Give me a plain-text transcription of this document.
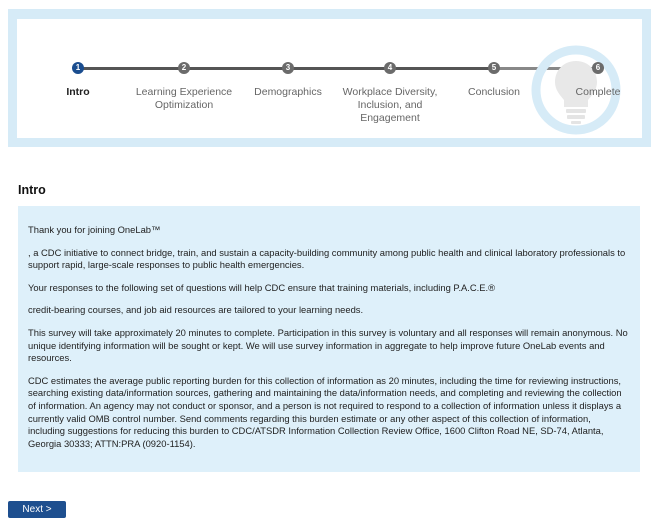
1	2	3	4	5	6
Intro	Learning Experience Optimization
Demographics	Workplace Diversity, Inclusion, and Engagement
Conclusion	Complete
Intro

Thank you for joining OneLab™

, a CDC initiative to connect bridge, train, and sustain a capacity-building community among public health and clinical laboratory professionals to support rapid, large-scale responses to public health emergencies.

Your responses to the following set of questions will help CDC ensure that training materials, including P.A.C.E.®

credit-bearing courses, and job aid resources are tailored to your learning needs.

This survey will take approximately 20 minutes to complete. Participation in this survey is voluntary and all responses will remain anonymous. No unique identifying information will be sought or kept. We will use survey information in aggregate to help improve future OneLab events and resources.

CDC estimates the average public reporting burden for this collection of information as 20 minutes, including the time for reviewing instructions, searching existing data/information sources, gathering and maintaining the data/information needs, and completing and reviewing the collection of information. An agency may not conduct or sponsor, and a person is not required to respond to a collection of information unless it displays a currently valid OMB control number. Send comments regarding this burden estimate or any other aspect of this collection of information, including suggestions for reducing this burden to CDC/ATSDR Information Collection Review Office, 1600 Clifton Road NE, SD-74, Atlanta, Georgia 30333; ATTN:PRA (0920-1154).

Next >
